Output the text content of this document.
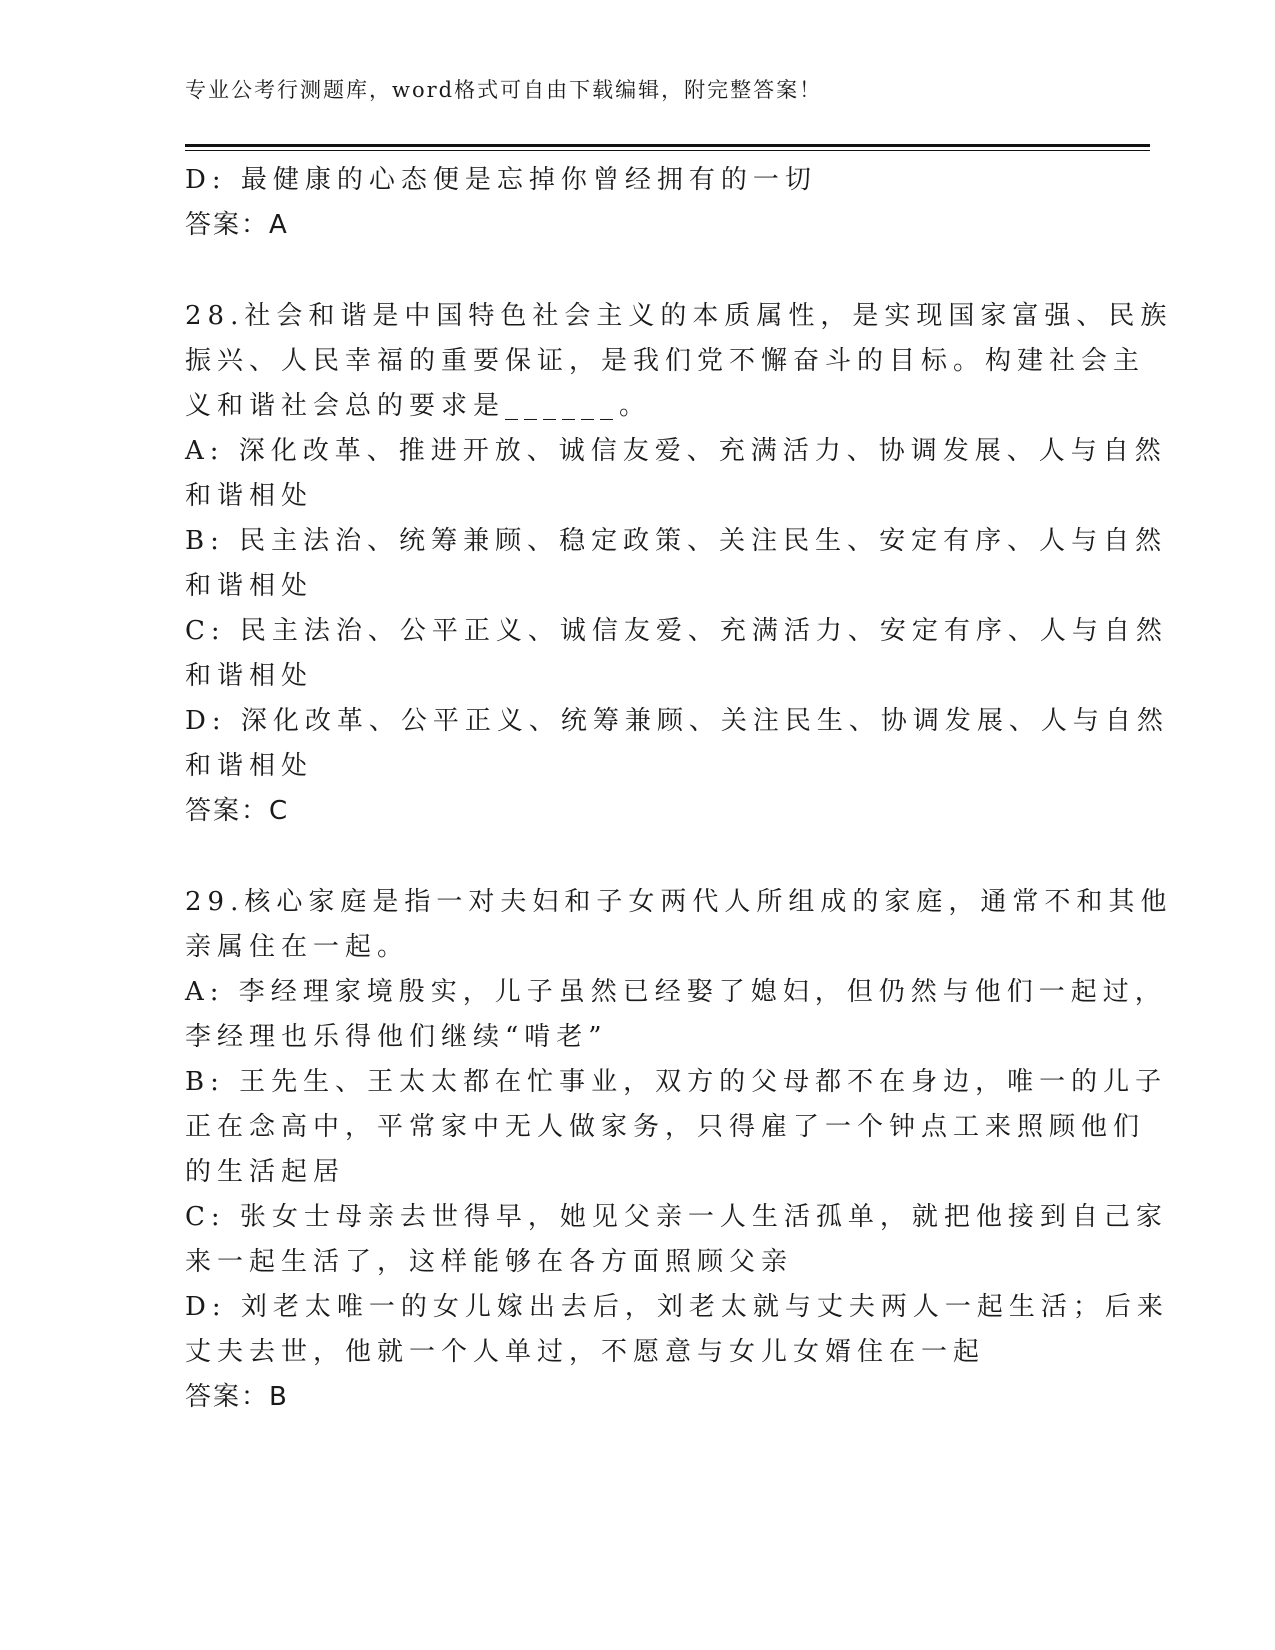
专业公考行测题库，word格式可自由下载编辑，附完整答案！
D: 最健康的心态便是忘掉你曾经拥有的一切
答案：A
28.社会和谐是中国特色社会主义的本质属性，是实现国家富强、民族
振兴、人民幸福的重要保证，是我们党不懈奋斗的目标。构建社会主
义和谐社会总的要求是______。
A: 深化改革、推进开放、诚信友爱、充满活力、协调发展、人与自然
和谐相处
B: 民主法治、统筹兼顾、稳定政策、关注民生、安定有序、人与自然
和谐相处
C: 民主法治、公平正义、诚信友爱、充满活力、安定有序、人与自然
和谐相处
D: 深化改革、公平正义、统筹兼顾、关注民生、协调发展、人与自然
和谐相处
答案：C
29.核心家庭是指一对夫妇和子女两代人所组成的家庭，通常不和其他
亲属住在一起。
A: 李经理家境殷实，儿子虽然已经娶了媳妇，但仍然与他们一起过，
李经理也乐得他们继续“啃老”
B: 王先生、王太太都在忙事业，双方的父母都不在身边，唯一的儿子
正在念高中，平常家中无人做家务，只得雇了一个钟点工来照顾他们
的生活起居
C: 张女士母亲去世得早，她见父亲一人生活孤单，就把他接到自己家
来一起生活了，这样能够在各方面照顾父亲
D: 刘老太唯一的女儿嫁出去后，刘老太就与丈夫两人一起生活；后来
丈夫去世，他就一个人单过，不愿意与女儿女婿住在一起
答案：B
